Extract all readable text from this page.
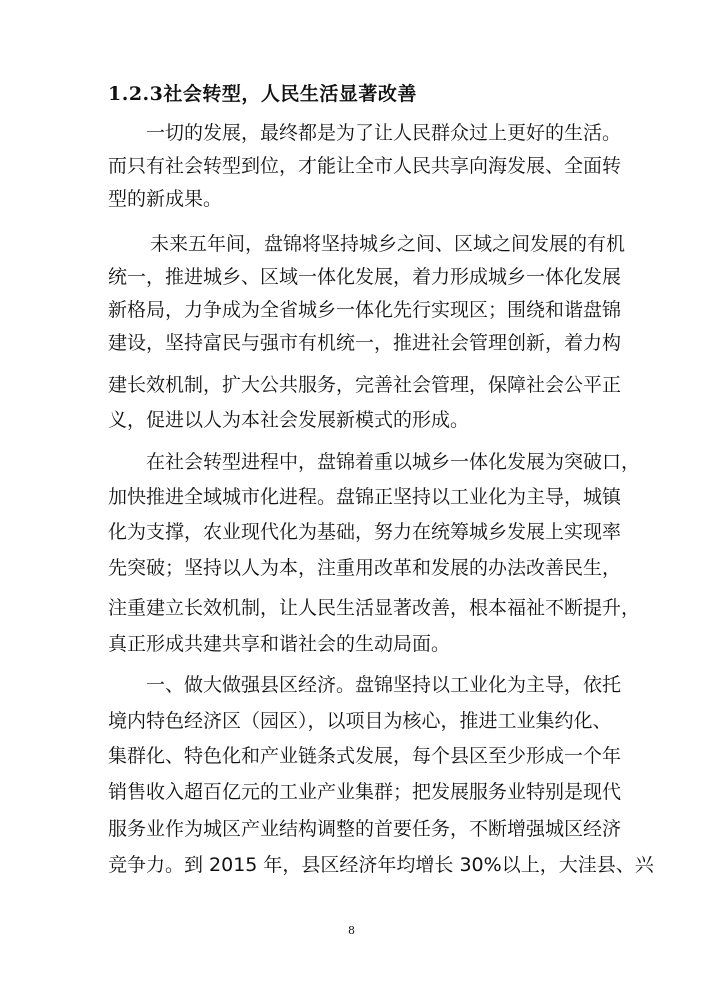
1.2.3社会转型，人民生活显著改善
一切的发展，最终都是为了让人民群众过上更好的生活。
而只有社会转型到位，才能让全市人民共享向海发展、全面转
型的新成果。
未来五年间，盘锦将坚持城乡之间、区域之间发展的有机
统一，推进城乡、区域一体化发展，着力形成城乡一体化发展
新格局，力争成为全省城乡一体化先行实现区；围绕和谐盘锦
建设，坚持富民与强市有机统一，推进社会管理创新，着力构
建长效机制，扩大公共服务，完善社会管理，保障社会公平正
义，促进以人为本社会发展新模式的形成。
在社会转型进程中，盘锦着重以城乡一体化发展为突破口，
加快推进全域城市化进程。盘锦正坚持以工业化为主导，城镇
化为支撑，农业现代化为基础，努力在统筹城乡发展上实现率
先突破；坚持以人为本，注重用改革和发展的办法改善民生，
注重建立长效机制，让人民生活显著改善，根本福祉不断提升，
真正形成共建共享和谐社会的生动局面。
一、做大做强县区经济。盘锦坚持以工业化为主导，依托
境内特色经济区（园区），以项目为核心，推进工业集约化、
集群化、特色化和产业链条式发展，每个县区至少形成一个年
销售收入超百亿元的工业产业集群；把发展服务业特别是现代
服务业作为城区产业结构调整的首要任务，不断增强城区经济
竞争力。到 2015 年，县区经济年均增长 30%以上，大洼县、兴
8
